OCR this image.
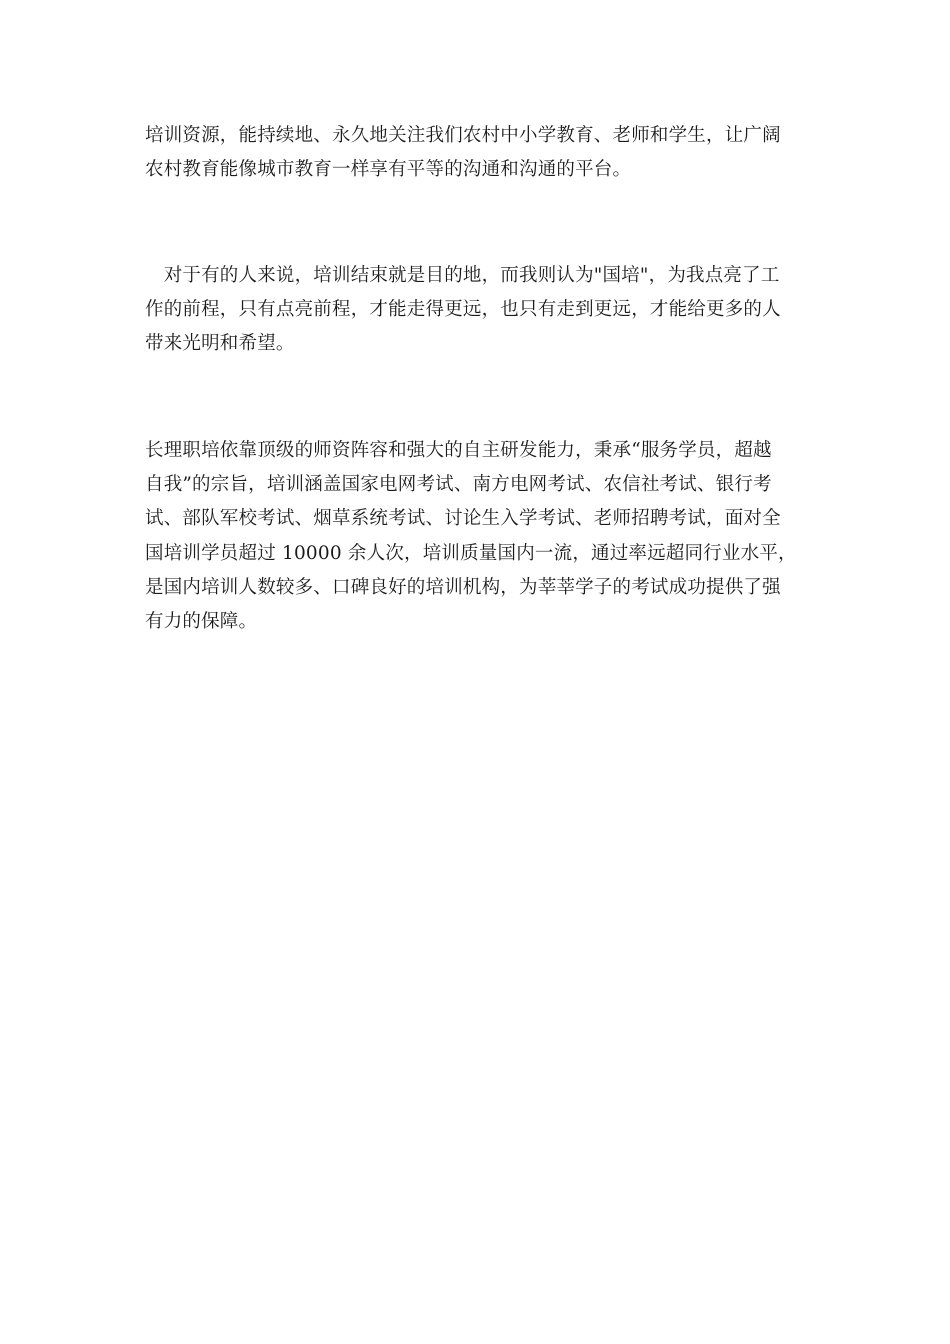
培训资源，能持续地、永久地关注我们农村中小学教育、老师和学生，让广阔
农村教育能像城市教育一样享有平等的沟通和沟通的平台。

　对于有的人来说，培训结束就是目的地，而我则认为"国培"，为我点亮了工
作的前程，只有点亮前程，才能走得更远，也只有走到更远，才能给更多的人
带来光明和希望。

长理职培依靠顶级的师资阵容和强大的自主研发能力，秉承“服务学员，超越
自我”的宗旨，培训涵盖国家电网考试、南方电网考试、农信社考试、银行考
试、部队军校考试、烟草系统考试、讨论生入学考试、老师招聘考试，面对全
国培训学员超过 10000 余人次，培训质量国内一流，通过率远超同行业水平，
是国内培训人数较多、口碑良好的培训机构，为莘莘学子的考试成功提供了强
有力的保障。
